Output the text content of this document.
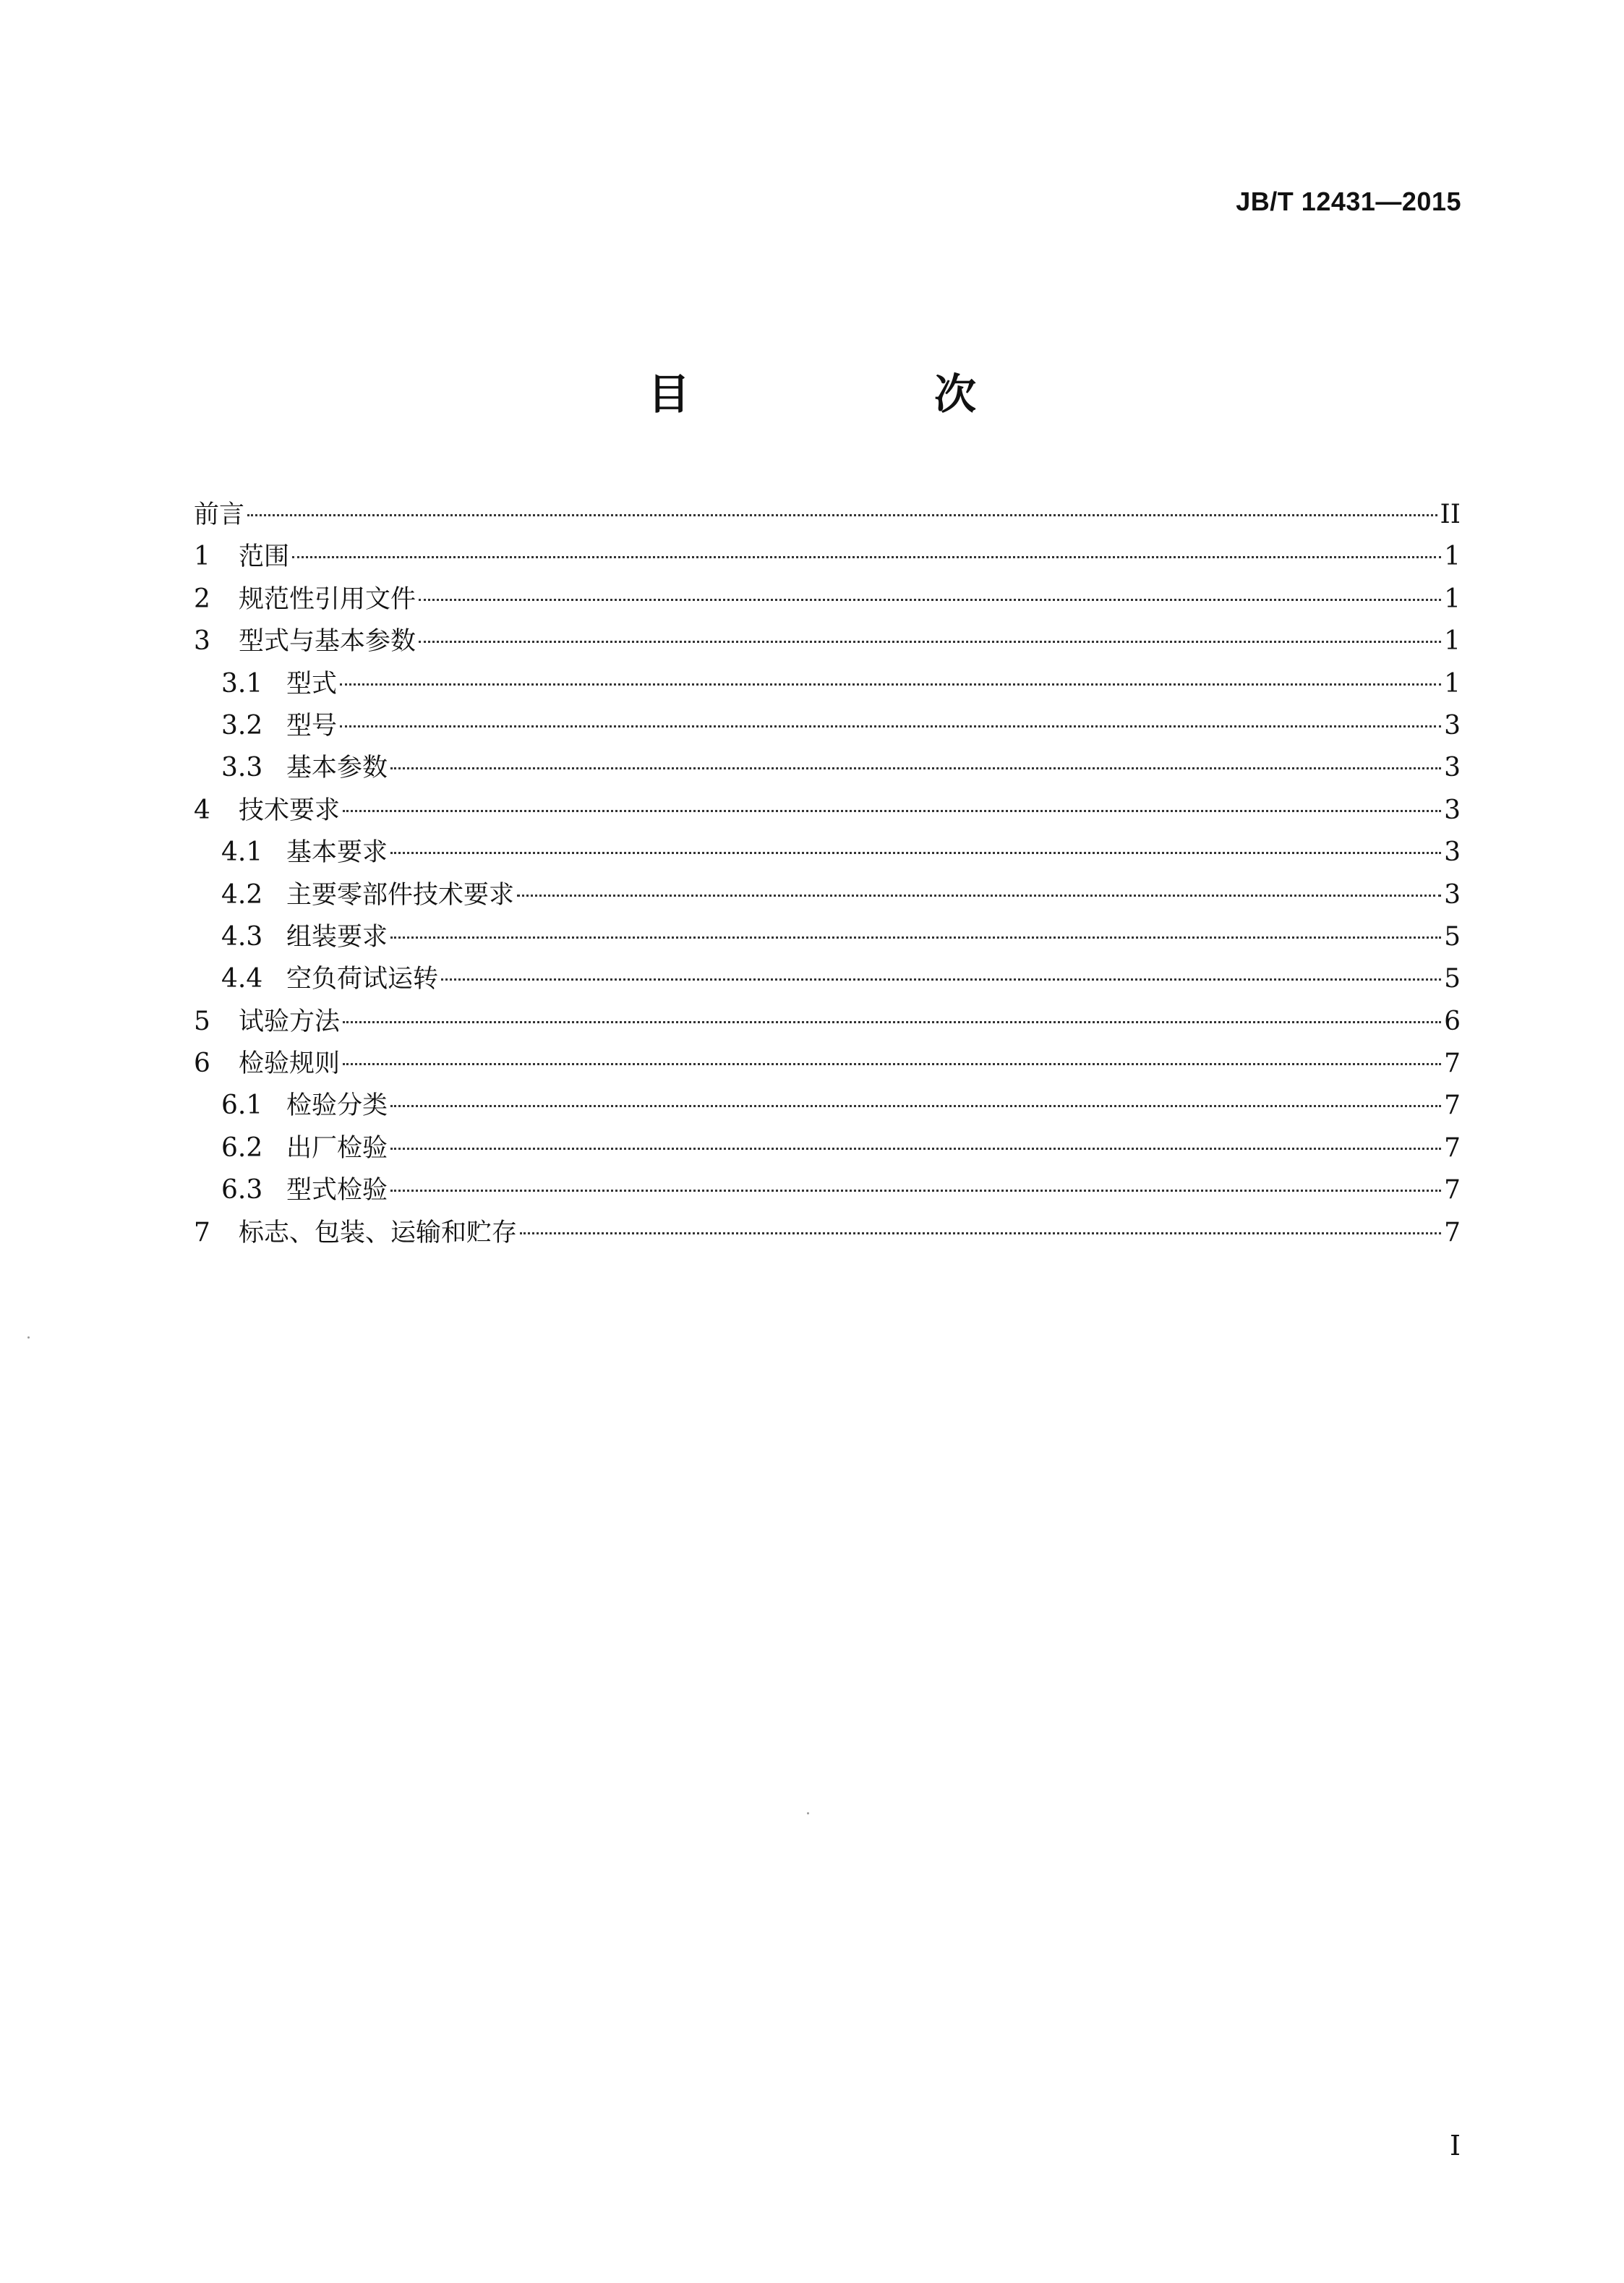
JB/T 12431—2015
目　次
前言	II
1	范围	1
2	规范性引用文件	1
3	型式与基本参数	1
3.1 型式	1
3.2 型号	3
3.3 基本参数	3
4	技术要求	3
4.1 基本要求	3
4.2 主要零部件技术要求	3
4.3 组装要求	5
4.4 空负荷试运转	5
5	试验方法	6
6	检验规则	7
6.1 检验分类	7
6.2 出厂检验	7
6.3 型式检验	7
7	标志、包装、运输和贮存	7
I
